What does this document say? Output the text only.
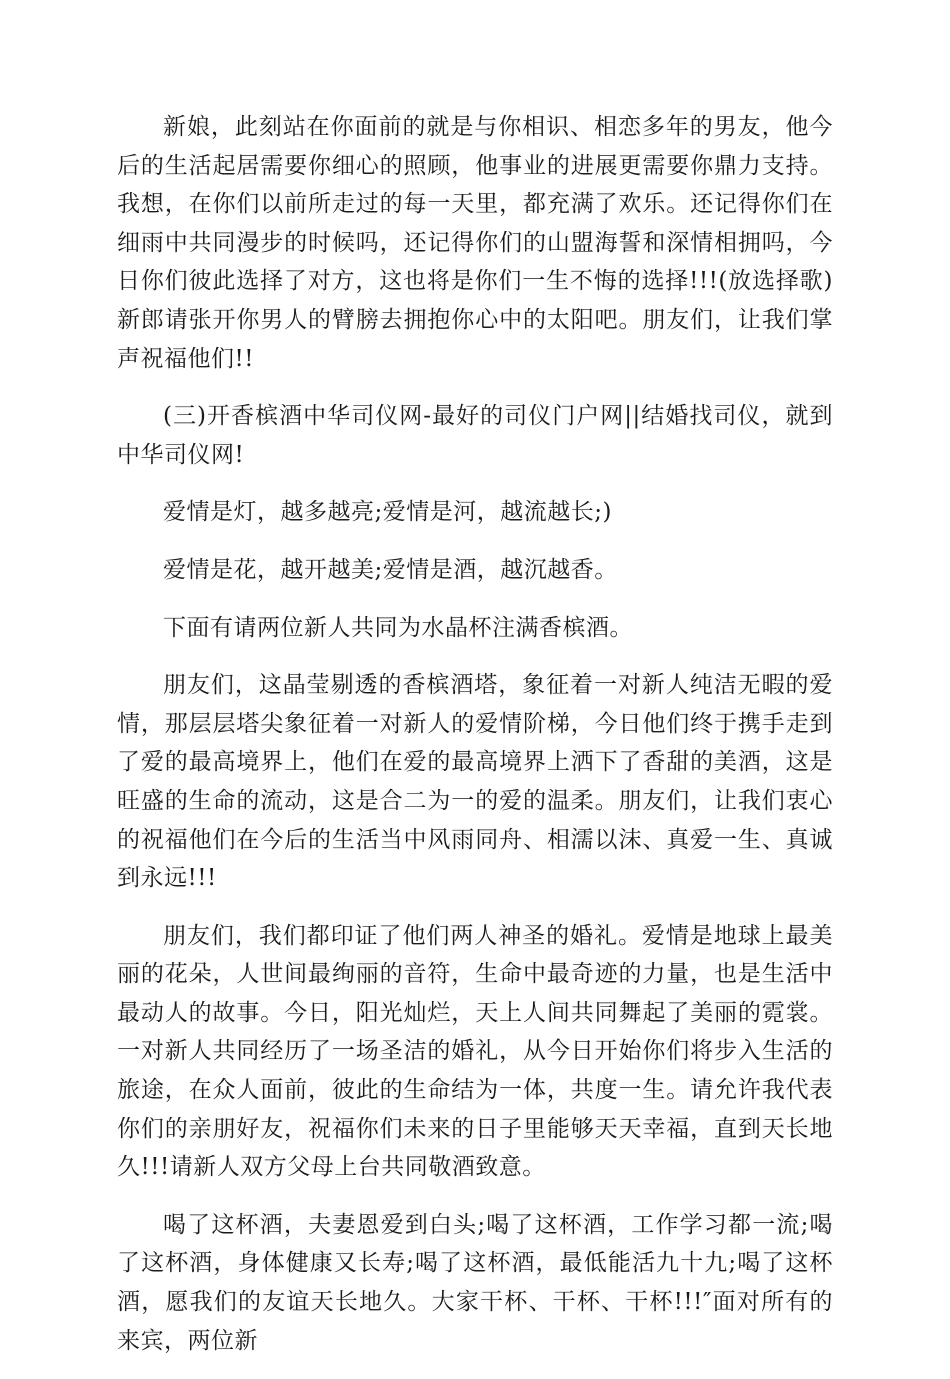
新娘，此刻站在你面前的就是与你相识、相恋多年的男友，他今后的生活起居需要你细心的照顾，他事业的进展更需要你鼎力支持。我想，在你们以前所走过的每一天里，都充满了欢乐。还记得你们在细雨中共同漫步的时候吗，还记得你们的山盟海誓和深情相拥吗，今日你们彼此选择了对方，这也将是你们一生不悔的选择!!!(放选择歌)新郎请张开你男人的臂膀去拥抱你心中的太阳吧。朋友们，让我们掌声祝福他们!!

(三)开香槟酒中华司仪网-最好的司仪门户网||结婚找司仪，就到中华司仪网!

爱情是灯，越多越亮;爱情是河，越流越长;)

爱情是花，越开越美;爱情是酒，越沉越香。

下面有请两位新人共同为水晶杯注满香槟酒。

朋友们，这晶莹剔透的香槟酒塔，象征着一对新人纯洁无暇的爱情，那层层塔尖象征着一对新人的爱情阶梯，今日他们终于携手走到了爱的最高境界上，他们在爱的最高境界上洒下了香甜的美酒，这是旺盛的生命的流动，这是合二为一的爱的温柔。朋友们，让我们衷心的祝福他们在今后的生活当中风雨同舟、相濡以沫、真爱一生、真诚到永远!!!

朋友们，我们都印证了他们两人神圣的婚礼。爱情是地球上最美丽的花朵，人世间最绚丽的音符，生命中最奇迹的力量，也是生活中最动人的故事。今日，阳光灿烂，天上人间共同舞起了美丽的霓裳。一对新人共同经历了一场圣洁的婚礼，从今日开始你们将步入生活的旅途，在众人面前，彼此的生命结为一体，共度一生。请允许我代表你们的亲朋好友，祝福你们未来的日子里能够天天幸福，直到天长地久!!!请新人双方父母上台共同敬酒致意。

喝了这杯酒，夫妻恩爱到白头;喝了这杯酒，工作学习都一流;喝了这杯酒，身体健康又长寿;喝了这杯酒，最低能活九十九;喝了这杯酒，愿我们的友谊天长地久。大家干杯、干杯、干杯!!!″面对所有的来宾，两位新
